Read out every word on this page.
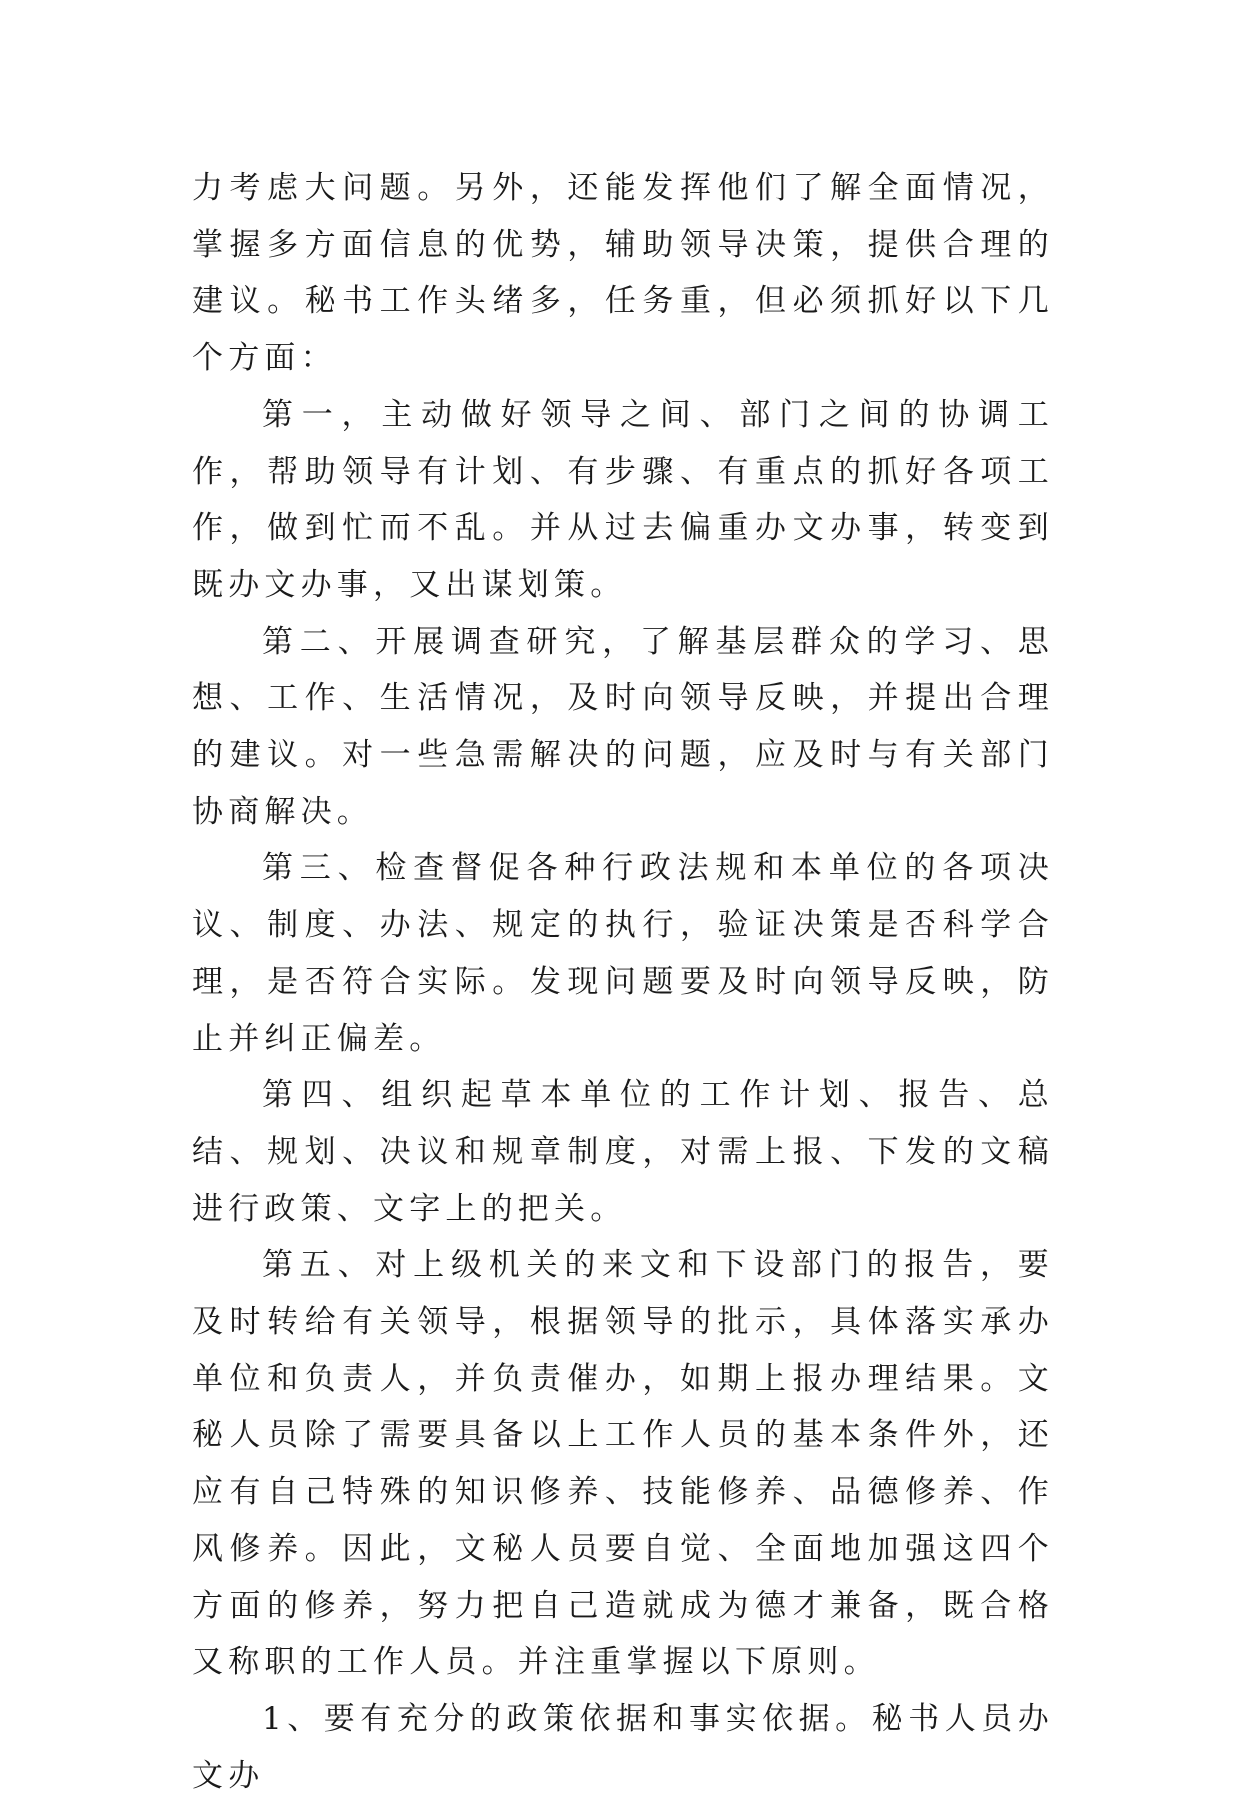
力考虑大问题。另外，还能发挥他们了解全面情况，掌握多方面信息的优势，辅助领导决策，提供合理的建议。秘书工作头绪多，任务重，但必须抓好以下几个方面：

第一，主动做好领导之间、部门之间的协调工作，帮助领导有计划、有步骤、有重点的抓好各项工作，做到忙而不乱。并从过去偏重办文办事，转变到既办文办事，又出谋划策。

第二、开展调查研究，了解基层群众的学习、思想、工作、生活情况，及时向领导反映，并提出合理的建议。对一些急需解决的问题，应及时与有关部门协商解决。

第三、检查督促各种行政法规和本单位的各项决议、制度、办法、规定的执行，验证决策是否科学合理，是否符合实际。发现问题要及时向领导反映，防止并纠正偏差。

第四、组织起草本单位的工作计划、报告、总结、规划、决议和规章制度，对需上报、下发的文稿进行政策、文字上的把关。

第五、对上级机关的来文和下设部门的报告，要及时转给有关领导，根据领导的批示，具体落实承办单位和负责人，并负责催办，如期上报办理结果。文秘人员除了需要具备以上工作人员的基本条件外，还应有自己特殊的知识修养、技能修养、品德修养、作风修养。因此，文秘人员要自觉、全面地加强这四个方面的修养，努力把自己造就成为德才兼备，既合格又称职的工作人员。并注重掌握以下原则。

1、要有充分的政策依据和事实依据。秘书人员办文办
